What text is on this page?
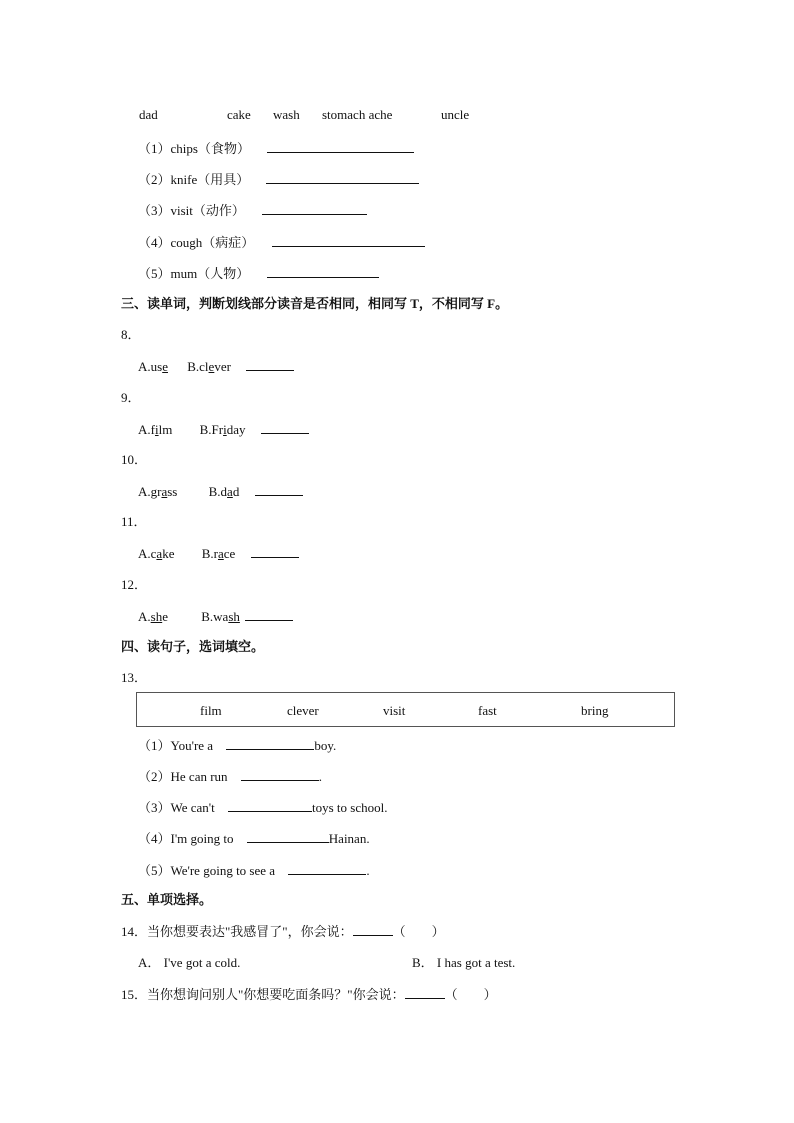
dad	cake wash stomach ache	uncle
（1）chips（食物）
（2）knife（用具）
（3）visit（动作）
（4）cough（病症）
（5）mum（人物）
三、读单词，判断划线部分读音是否相同，相同写 T，不相同写 F。
8．
A.use B.clever
9．
A.film B.Friday
10．
A.grass B.dad
11．
A.cake B.race
12．
A.she	B.wash
四、读句子，选词填空。
13．
film	clever	visit	fast	bring
（1）You're a	boy.
（2）He can run	.
（3）We can't	toys to school.
（4）I'm going to	Hainan.
（5）We're going to see a	.
五、单项选择。
14．当你想要表达"我感冒了"，你会说：	（　　）
A． I've got a cold.	B． I has got a test.
15．当你想询问别人"你想要吃面条吗？"你会说：	（　　）
